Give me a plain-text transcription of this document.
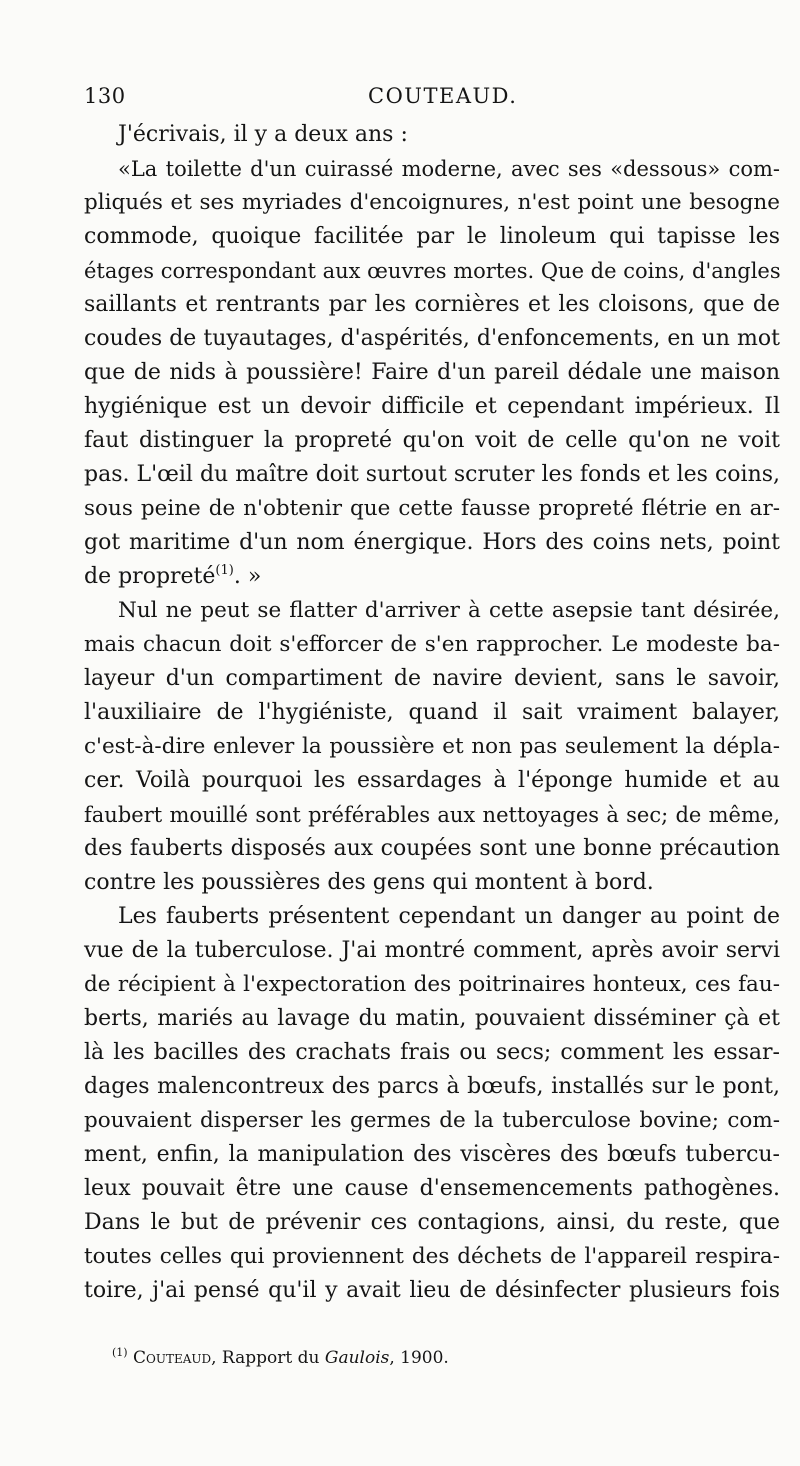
130	COUTEAUD.
J'écrivais, il y a deux ans :
«La toilette d'un cuirassé moderne, avec ses «dessous» com-
pliqués et ses myriades d'encoignures, n'est point une besogne
commode, quoique facilitée par le linoleum qui tapisse les
étages correspondant aux œuvres mortes. Que de coins, d'angles
saillants et rentrants par les cornières et les cloisons, que de
coudes de tuyautages, d'aspérités, d'enfoncements, en un mot
que de nids à poussière! Faire d'un pareil dédale une maison
hygiénique est un devoir difficile et cependant impérieux. Il
faut distinguer la propreté qu'on voit de celle qu'on ne voit
pas. L'œil du maître doit surtout scruter les fonds et les coins,
sous peine de n'obtenir que cette fausse propreté flétrie en ar-
got maritime d'un nom énergique. Hors des coins nets, point
de propreté(1). »
Nul ne peut se flatter d'arriver à cette asepsie tant désirée,
mais chacun doit s'efforcer de s'en rapprocher. Le modeste ba-
layeur d'un compartiment de navire devient, sans le savoir,
l'auxiliaire de l'hygiéniste, quand il sait vraiment balayer,
c'est-à-dire enlever la poussière et non pas seulement la dépla-
cer. Voilà pourquoi les essardages à l'éponge humide et au
faubert mouillé sont préférables aux nettoyages à sec; de même,
des fauberts disposés aux coupées sont une bonne précaution
contre les poussières des gens qui montent à bord.
Les fauberts présentent cependant un danger au point de
vue de la tuberculose. J'ai montré comment, après avoir servi
de récipient à l'expectoration des poitrinaires honteux, ces fau-
berts, mariés au lavage du matin, pouvaient disséminer çà et
là les bacilles des crachats frais ou secs; comment les essar-
dages malencontreux des parcs à bœufs, installés sur le pont,
pouvaient disperser les germes de la tuberculose bovine; com-
ment, enfin, la manipulation des viscères des bœufs tubercu-
leux pouvait être une cause d'ensemencements pathogènes.
Dans le but de prévenir ces contagions, ainsi, du reste, que
toutes celles qui proviennent des déchets de l'appareil respira-
toire, j'ai pensé qu'il y avait lieu de désinfecter plusieurs fois
$^{(1)}$ Couteaud, Rapport du Gaulois, 1900.
